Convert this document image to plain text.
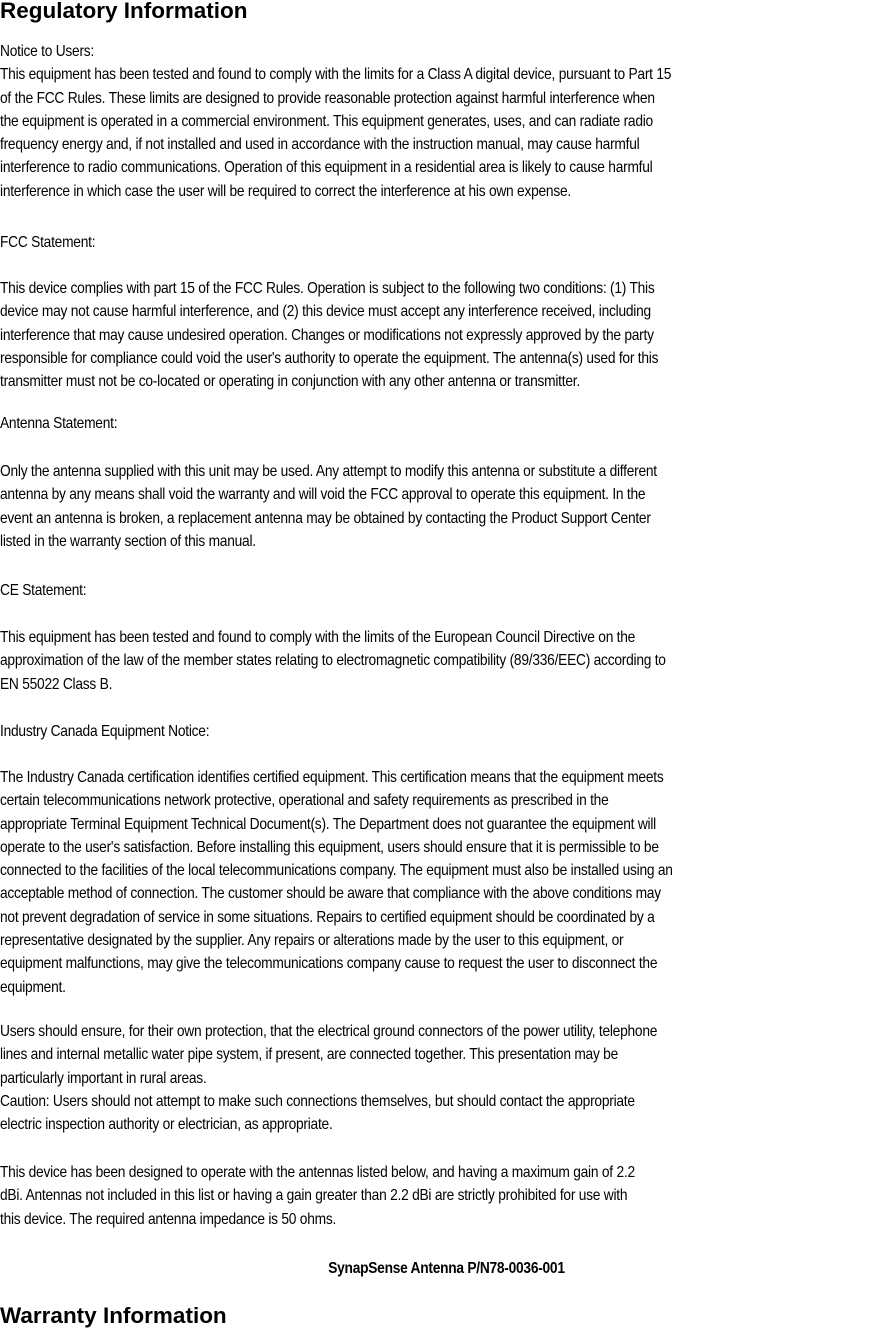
Regulatory Information
Notice to Users:
This equipment has been tested and found to comply with the limits for a Class A digital device, pursuant to Part 15
of the FCC Rules. These limits are designed to provide reasonable protection against harmful interference when
the equipment is operated in a commercial environment. This equipment generates, uses, and can radiate radio
frequency energy and, if not installed and used in accordance with the instruction manual, may cause harmful
interference to radio communications. Operation of this equipment in a residential area is likely to cause harmful
interference in which case the user will be required to correct the interference at his own expense.
FCC Statement:
This device complies with part 15 of the FCC Rules. Operation is subject to the following two conditions: (1) This
device may not cause harmful interference, and (2) this device must accept any interference received, including
interference that may cause undesired operation. Changes or modifications not expressly approved by the party
responsible for compliance could void the user's authority to operate the equipment. The antenna(s) used for this
transmitter must not be co-located or operating in conjunction with any other antenna or transmitter.
Antenna Statement:
Only the antenna supplied with this unit may be used. Any attempt to modify this antenna or substitute a different
antenna by any means shall void the warranty and will void the FCC approval to operate this equipment. In the
event an antenna is broken, a replacement antenna may be obtained by contacting the Product Support Center
listed in the warranty section of this manual.
CE Statement:
This equipment has been tested and found to comply with the limits of the European Council Directive on the
approximation of the law of the member states relating to electromagnetic compatibility (89/336/EEC) according to
EN 55022 Class B.
Industry Canada Equipment Notice:
The Industry Canada certification identifies certified equipment. This certification means that the equipment meets
certain telecommunications network protective, operational and safety requirements as prescribed in the
appropriate Terminal Equipment Technical Document(s). The Department does not guarantee the equipment will
operate to the user's satisfaction. Before installing this equipment, users should ensure that it is permissible to be
connected to the facilities of the local telecommunications company. The equipment must also be installed using an
acceptable method of connection. The customer should be aware that compliance with the above conditions may
not prevent degradation of service in some situations. Repairs to certified equipment should be coordinated by a
representative designated by the supplier. Any repairs or alterations made by the user to this equipment, or
equipment malfunctions, may give the telecommunications company cause to request the user to disconnect the
equipment.
Users should ensure, for their own protection, that the electrical ground connectors of the power utility, telephone
lines and internal metallic water pipe system, if present, are connected together. This presentation may be
particularly important in rural areas.
Caution: Users should not attempt to make such connections themselves, but should contact the appropriate
electric inspection authority or electrician, as appropriate.
This device has been designed to operate with the antennas listed below, and having a maximum gain of 2.2
dBi. Antennas not included in this list or having a gain greater than 2.2 dBi are strictly prohibited for use with
this device. The required antenna impedance is 50 ohms.
SynapSense Antenna P/N78-0036-001
Warranty Information
